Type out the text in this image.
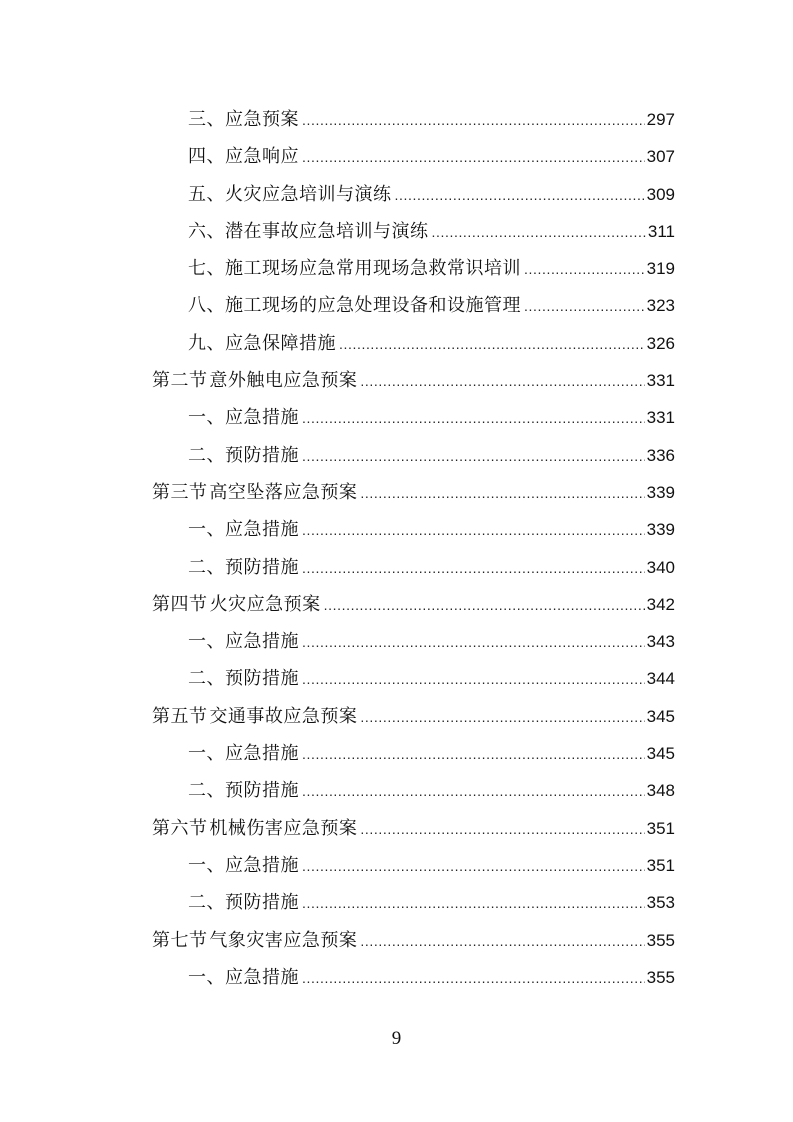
三、 应急预案 .....	297
四、 应急响应 .....	307
五、 火灾应急培训与演练 .....	309
六、 潜在事故应急培训与演练 .....	311
七、 施工现场应急常用现场急救常识培训 .....	319
八、 施工现场的应急处理设备和设施管理 .....	323
九、 应急保障措施 .....	326
第二节 意外触电应急预案 .....	331
一、 应急措施 .....	331
二、 预防措施 .....	336
第三节 高空坠落应急预案 .....	339
一、 应急措施 .....	339
二、 预防措施 .....	340
第四节 火灾应急预案 .....	342
一、 应急措施 .....	343
二、 预防措施 .....	344
第五节 交通事故应急预案 .....	345
一、 应急措施 .....	345
二、 预防措施 .....	348
第六节 机械伤害应急预案 .....	351
一、 应急措施 .....	351
二、 预防措施 .....	353
第七节 气象灾害应急预案 .....	355
一、 应急措施 .....	355
9
